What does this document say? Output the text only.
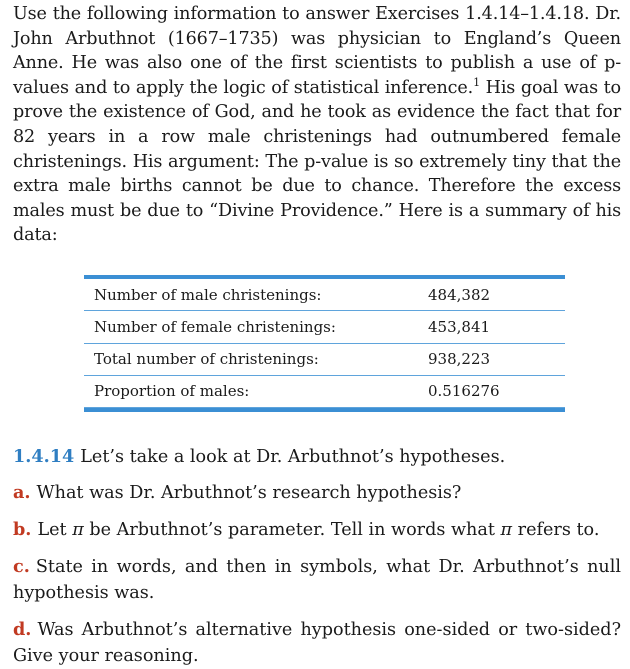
Use the following information to answer Exercises 1.4.14–1.4.18. Dr. John Arbuthnot (1667–1735) was physician to England’s Queen Anne. He was also one of the first scientists to publish a use of p-values and to apply the logic of statistical inference.$^1$ His goal was to prove the existence of God, and he took as evidence the fact that for 82 years in a row male christenings had outnumbered female christenings. His argument: The p-value is so extremely tiny that the extra male births cannot be due to chance. Therefore the excess males must be due to “Divine Providence.” Here is a summary of his data:

Number of male christenings:	484,382
Number of female christenings:	453,841
Total number of christenings:	938,223
Proportion of males:	0.516276
1.4.14 Let’s take a look at Dr. Arbuthnot’s hypotheses.
a. What was Dr. Arbuthnot’s research hypothesis?
b. Let π be Arbuthnot’s parameter. Tell in words what π refers to.
c. State in words, and then in symbols, what Dr. Arbuthnot’s null hypothesis was.
d. Was Arbuthnot’s alternative hypothesis one-sided or two-sided? Give your reasoning.
